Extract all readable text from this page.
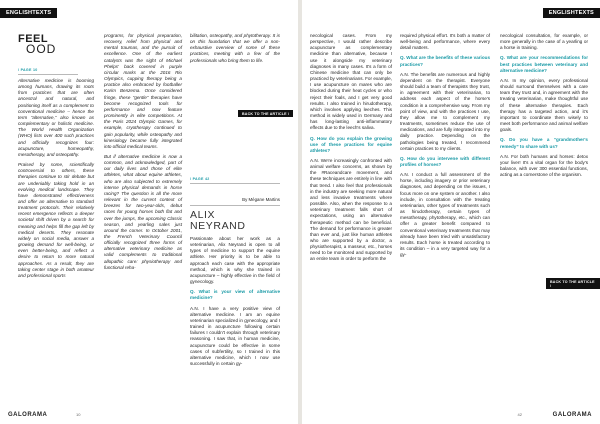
ENGLISHTEXTS
FEEL
OOD
\ PAGE 10

Alternative medicine is booming among humans, drawing its roots from practices that are often ancestral and natural, and positioning itself as a complement to conventional medicine – hence the term “alternative,” also known as complementary or holistic medicine. The World Health Organization (WHO) lists over 400 such practices and officially recognizes four: acupuncture, homeopathy, mesotherapy, and osteopathy.

Praised by some, scientifically controversial to others, these therapies continue to stir debate but are undeniably taking hold in an evolving medical landscape. They have demonstrated effectiveness and offer an alternative to standard treatment protocols. Their relatively recent emergence reflects a deeper societal shift driven by a search for meaning and helps fill the gap left by medical deserts. They resonate widely on social media, answer a growing demand for well-being, or even better-being, and reflect a desire to return to more natural approaches. As a result, they are taking center stage in both amateur and professional sports

programs, for physical preparation, recovery, relief from physical and mental traumas, and the pursuit of excellence. One of the earliest catalysts was the sight of Michael Phelps' back covered in purple circular marks at the 2016 Rio Olympics, cupping therapy being a practice also embraced by footballer Karim Benzema. Once considered fringe, these “gentle” therapies have become recognized tools for performance and now feature prominently in elite competitions. At the Paris 2024 Olympic Games, for example, cryotherapy continued to gain popularity, while osteopathy and kinesiology became fully integrated into official medical teams.

But if alternative medicine is now a common, and acknowledged, part of our daily lives and those of elite athletes, what about equine athletes, who are also subjected to extremely intense physical demands in horse racing? The question is all the more relevant in the current context of breezes for two-year-olds, debut races for young horses both flat and over the jumps, the upcoming Classic season, and yearling sales just around the corner. In October 2001, the French Veterinary Council officially recognized three forms of alternative veterinary medicine as valid complements to traditional allopathic care: physiotherapy and functional reha-

bilitation, osteopathy, and phytotherapy. It is on this foundation that we offer a non-exhaustive overview of some of these practices, meeting with a few of the professionals who bring them to life.

BACK TO THE ARTICLE \
\ PAGE 42
By Mégane Martins
ALIX
NEYRAND

Passionate about her work as a veterinarian, Alix Neyrand is open to all types of medicine to support the equine athlete. Her priority is to be able to approach each case with the appropriate method, which is why she trained in acupuncture – highly effective in the field of gynecology.

Q. What is your view of alternative medicine?

A.N. I have a very positive view of alternative medicine. I am an equine veterinarian specialized in gynecology, and I trained in acupuncture following certain failures I couldn't explain through veterinary reasoning. I saw that, in human medicine, acupuncture could be effective in some cases of subfertility, so I trained in this alternative medicine, which I now use successfully in certain gy-

GALORAMA	10
ENGLISHTEXTS

necological cases. From my perspective, I would rather describe acupuncture as complementary medicine than alternative, because I use it alongside my veterinary diagnoses in many cases. It's a form of Chinese medicine that can only be practiced by veterinarians. For example, I use acupuncture on mares who are blocked during their heat cycles or who reject their foals, and I get very good results. I also trained in hirudotherapy, which involves applying leeches. This method is widely used in Germany and has long-lasting anti-inflammatory effects due to the leech's saliva.

Q. How do you explain the growing use of these practices for equine athletes?

A.N. We're increasingly confronted with animal welfare concerns, as shown by the #Raceandcare movement, and these techniques are entirely in line with that trend. I also feel that professionals in the industry are seeking more natural and less invasive treatments where possible. Also, when the response to a veterinary treatment falls short of expectations, using an alternative therapeutic method can be beneficial. The demand for performance is greater than ever and, just like human athletes who are supported by a doctor, a physiotherapist, a masseur, etc., horses need to be monitored and supported by an entire team in order to perform the

required physical effort. It's both a matter of well-being and performance, where every detail matters.

Q. What are the benefits of these various practices?

A.N. The benefits are numerous and highly dependent on the therapist. Everyone should build a team of therapists they trust, in agreement with their veterinarian, to address each aspect of the horse's condition in a comprehensive way. From my point of view, and with the practices I use, they allow me to complement my treatments, sometimes reduce the use of medications, and are fully integrated into my daily practice. Depending on the pathologies being treated, I recommend certain practices to my clients.

Q. How do you intervene with different profiles of horses?

A.N. I conduct a full assessment of the horse, including imagery or prior veterinary diagnoses, and depending on the issues, I focus more on one system or another. I also include, in consultation with the treating veterinarian, other types of treatments such as hirudotherapy, certain types of mesotherapy, phytotherapy, etc., which can offer a greater benefit compared to conventional veterinary treatments that may already have been tried with unsatisfactory results. Each horse is treated according to its condition – in a very targeted way for a gy-

necological consultation, for example, or more generally in the case of a yearling or a horse in training.

Q. What are your recommendations for best practices between veterinary and alternative medicine?

A.N. In my opinion, every professional should surround themselves with a care team they trust and, in agreement with the treating veterinarian, make thoughtful use of these alternative therapies. Each therapy has a targeted action, and it's important to coordinate them wisely to meet both performance and animal welfare goals.

Q. Do you have a “grandmother's remedy” to share with us?

A.N. For both humans and horses: detox your liver! It's a vital organ for the body's balance, with over 300 essential functions, acting as a cornerstone of the organism.

BACK TO THE ARTICLE \
42	GALORAMA
